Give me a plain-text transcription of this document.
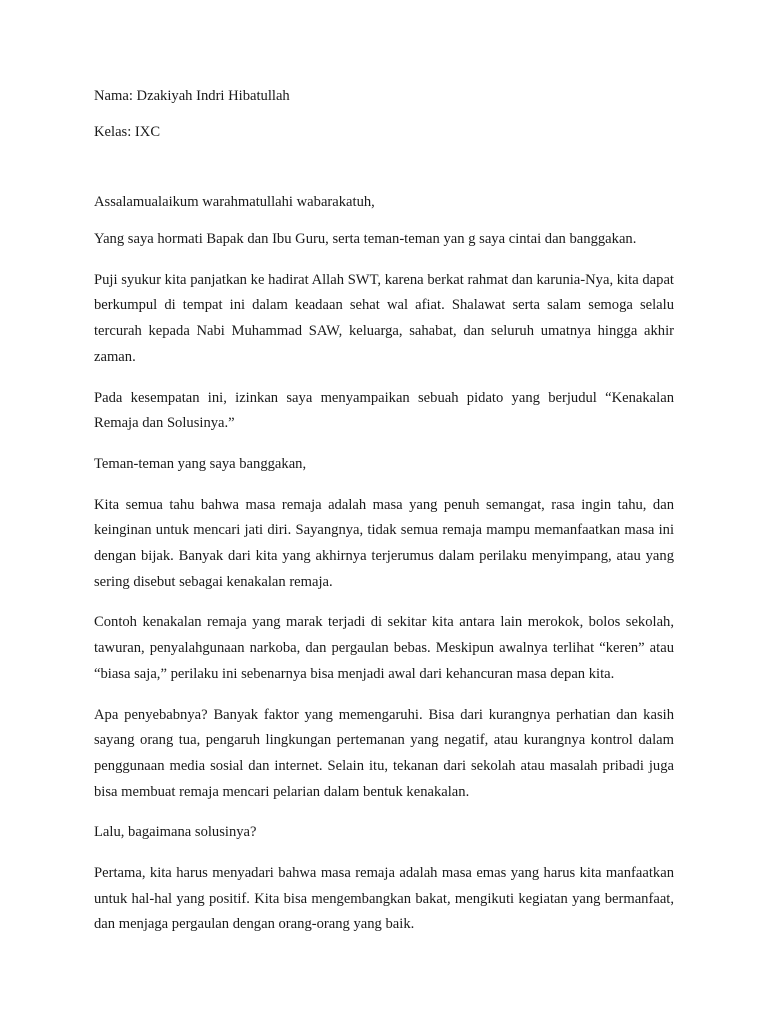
Nama: Dzakiyah Indri Hibatullah

Kelas: IXC

Assalamualaikum warahmatullahi wabarakatuh,

Yang saya hormati Bapak dan Ibu Guru, serta teman-teman yan g saya cintai dan banggakan.

Puji syukur kita panjatkan ke hadirat Allah SWT, karena berkat rahmat dan karunia-Nya, kita dapat berkumpul di tempat ini dalam keadaan sehat wal afiat. Shalawat serta salam semoga selalu tercurah kepada Nabi Muhammad SAW, keluarga, sahabat, dan seluruh umatnya hingga akhir zaman.

Pada kesempatan ini, izinkan saya menyampaikan sebuah pidato yang berjudul “Kenakalan Remaja dan Solusinya.”

Teman-teman yang saya banggakan,

Kita semua tahu bahwa masa remaja adalah masa yang penuh semangat, rasa ingin tahu, dan keinginan untuk mencari jati diri. Sayangnya, tidak semua remaja mampu memanfaatkan masa ini dengan bijak. Banyak dari kita yang akhirnya terjerumus dalam perilaku menyimpang, atau yang sering disebut sebagai kenakalan remaja.

Contoh kenakalan remaja yang marak terjadi di sekitar kita antara lain merokok, bolos sekolah, tawuran, penyalahgunaan narkoba, dan pergaulan bebas. Meskipun awalnya terlihat “keren” atau “biasa saja,” perilaku ini sebenarnya bisa menjadi awal dari kehancuran masa depan kita.

Apa penyebabnya? Banyak faktor yang memengaruhi. Bisa dari kurangnya perhatian dan kasih sayang orang tua, pengaruh lingkungan pertemanan yang negatif, atau kurangnya kontrol dalam penggunaan media sosial dan internet. Selain itu, tekanan dari sekolah atau masalah pribadi juga bisa membuat remaja mencari pelarian dalam bentuk kenakalan.

Lalu, bagaimana solusinya?

Pertama, kita harus menyadari bahwa masa remaja adalah masa emas yang harus kita manfaatkan untuk hal-hal yang positif. Kita bisa mengembangkan bakat, mengikuti kegiatan yang bermanfaat, dan menjaga pergaulan dengan orang-orang yang baik.
